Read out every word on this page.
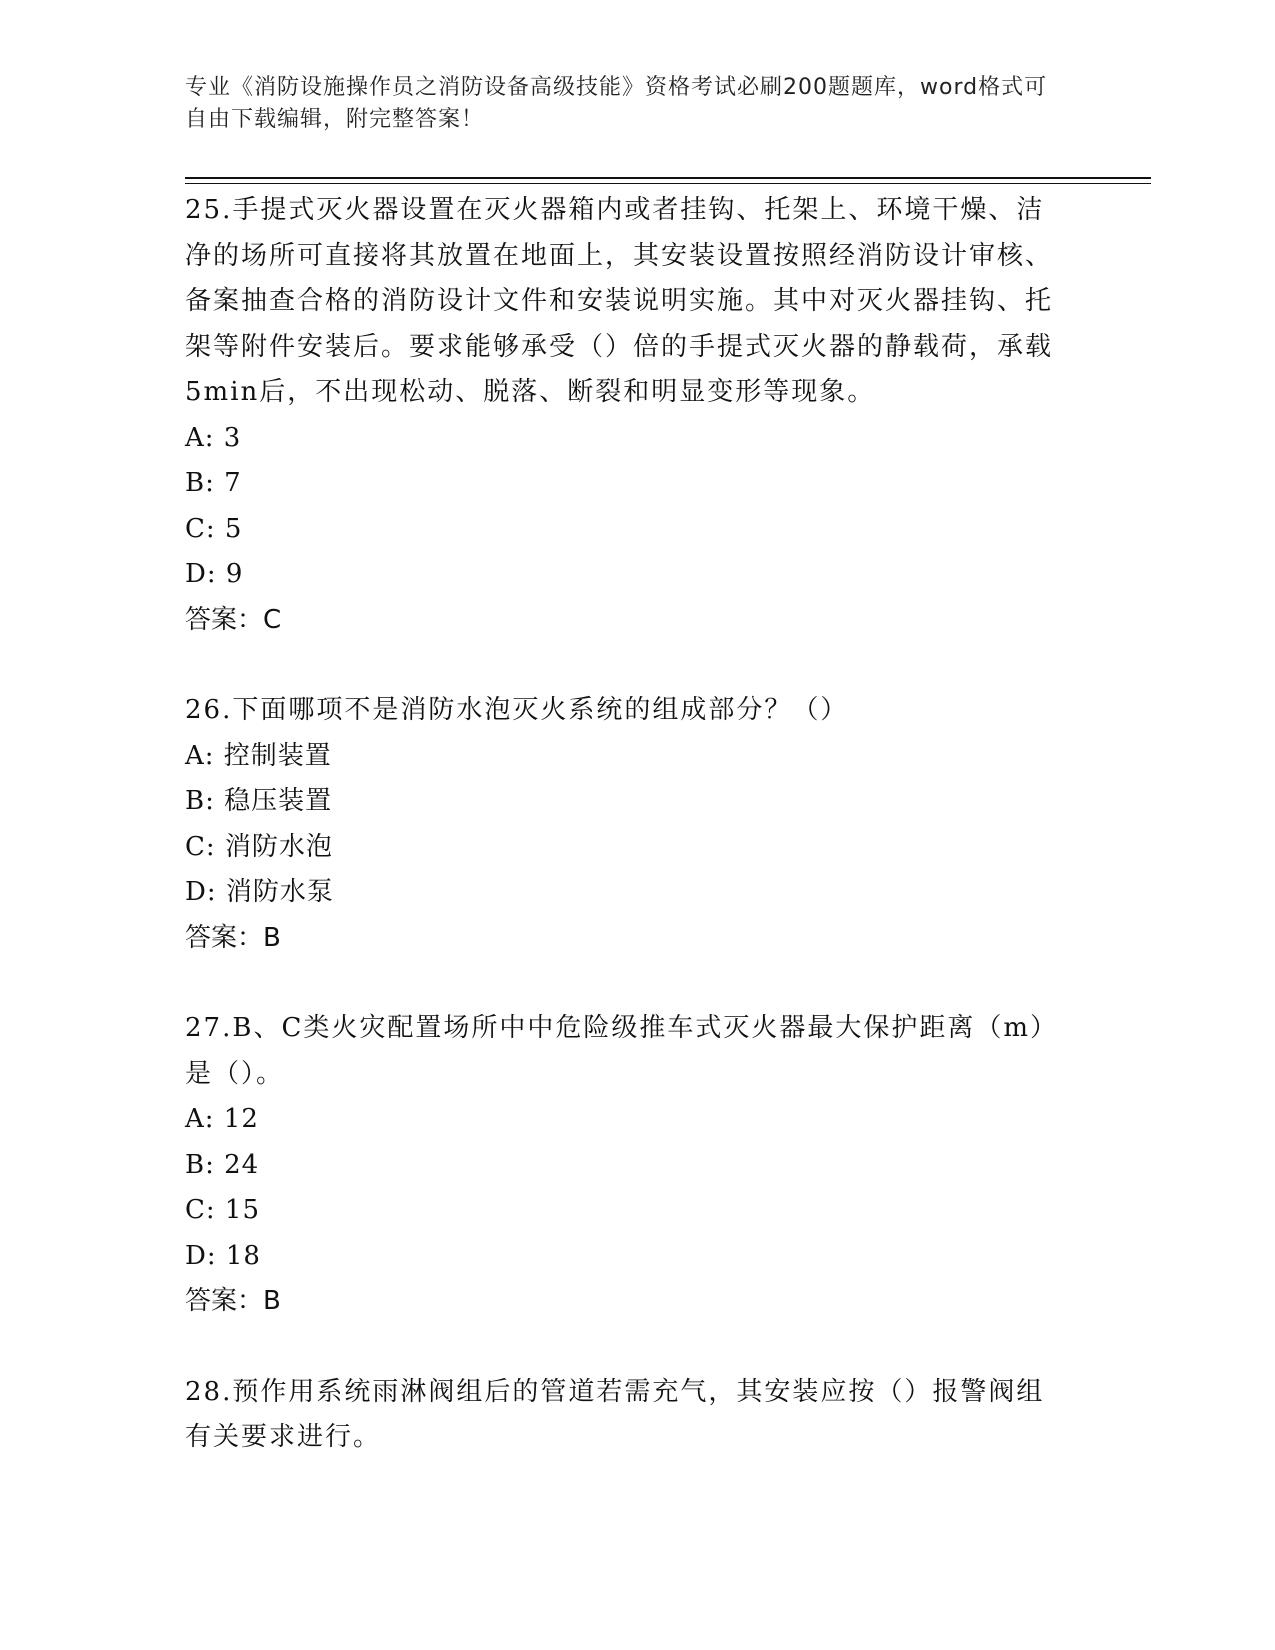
专业《消防设施操作员之消防设备高级技能》资格考试必刷200题题库，word格式可自由下载编辑，附完整答案！
25.手提式灭火器设置在灭火器箱内或者挂钩、托架上、环境干燥、洁净的场所可直接将其放置在地面上，其安装设置按照经消防设计审核、备案抽查合格的消防设计文件和安装说明实施。其中对灭火器挂钩、托架等附件安装后。要求能够承受（）倍的手提式灭火器的静载荷，承载5min后，不出现松动、脱落、断裂和明显变形等现象。
A: 3
B: 7
C: 5
D: 9
答案：C
26.下面哪项不是消防水泡灭火系统的组成部分？（）
A: 控制装置
B: 稳压装置
C: 消防水泡
D: 消防水泵
答案：B
27.B、C类火灾配置场所中中危险级推车式灭火器最大保护距离（m）是（）。
A: 12
B: 24
C: 15
D: 18
答案：B
28.预作用系统雨淋阀组后的管道若需充气，其安装应按（）报警阀组有关要求进行。
